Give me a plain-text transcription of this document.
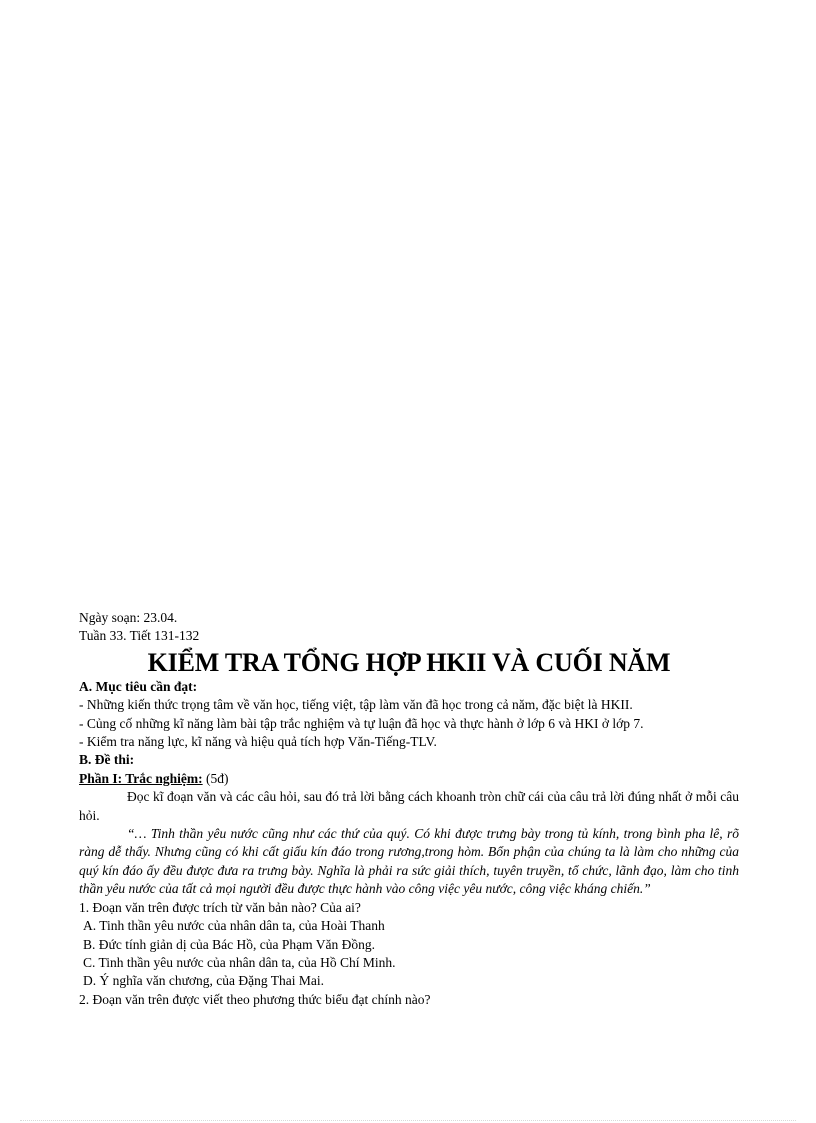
Ngày soạn: 23.04.
Tuần 33. Tiết 131-132
KIỂM TRA TỔNG HỢP HKII VÀ CUỐI NĂM
A. Mục tiêu cần đạt:

- Những kiến thức trọng tâm về văn học, tiếng việt, tập làm văn đã học trong cả năm, đặc biệt là HKII.

- Củng cố những kĩ năng làm bài tập trắc nghiệm và tự luận đã học và thực hành ở lớp 6 và HKI ở lớp 7.

- Kiểm tra năng lực, kĩ năng và hiệu quả tích hợp Văn-Tiếng-TLV.

B. Đề thi:
Phần I: Trắc nghiệm: (5đ)

Đọc kĩ đoạn văn và các câu hỏi, sau đó trả lời bằng cách khoanh tròn chữ cái của câu trả lời đúng nhất ở mỗi câu hỏi.

“… Tinh thần yêu nước cũng như các thứ của quý. Có khi được trưng bày trong tủ kính, trong bình pha lê, rõ ràng dễ thấy. Nhưng cũng có khi cất giấu kín đáo trong rương,trong hòm. Bổn phận của chúng ta là làm cho những của quý kín đáo ấy đều được đưa ra trưng bày. Nghĩa là phải ra sức giải thích, tuyên truyền, tổ chức, lãnh đạo, làm cho tinh thần yêu nước của tất cả mọi người đều được thực hành vào công việc yêu nước, công việc kháng chiến.”

1. Đoạn văn trên được trích từ văn bản nào? Của ai?
A. Tinh thần yêu nước của nhân dân ta, của Hoài Thanh
B. Đức tính giản dị của Bác Hồ, của Phạm Văn Đồng.
C. Tinh thần yêu nước của nhân dân ta, của Hồ Chí Minh.
D. Ý nghĩa văn chương, của Đặng Thai Mai.
2. Đoạn văn trên được viết theo phương thức biểu đạt chính nào?
